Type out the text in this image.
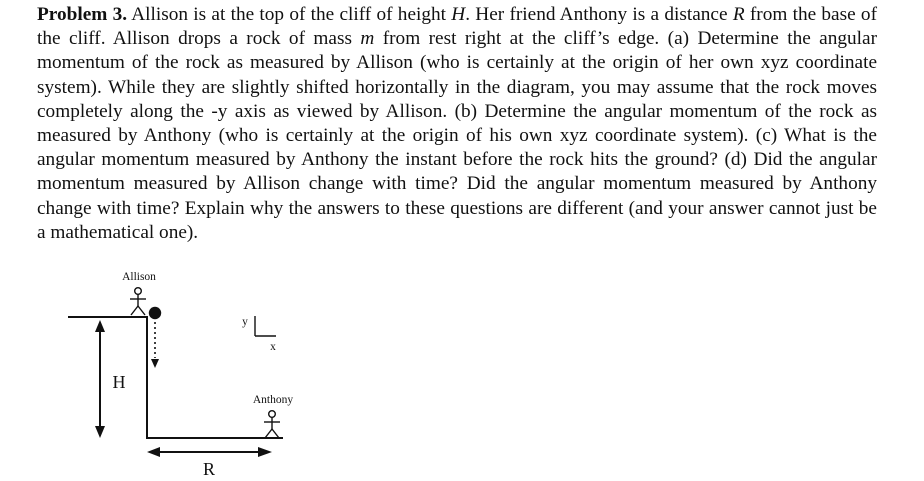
Problem 3. Allison is at the top of the cliff of height H. Her friend Anthony is a distance R from the base of the cliff. Allison drops a rock of mass m from rest right at the cliff’s edge. (a) Determine the angular momentum of the rock as measured by Allison (who is certainly at the origin of her own xyz coordinate system). While they are slightly shifted horizontally in the diagram, you may assume that the rock moves completely along the -y axis as viewed by Allison. (b) Determine the angular momentum of the rock as measured by Anthony (who is certainly at the origin of his own xyz coordinate system). (c) What is the angular momentum measured by Anthony the instant before the rock hits the ground? (d) Did the angular momentum measured by Allison change with time? Did the angular momentum measured by Anthony change with time? Explain why the answers to these questions are different (and your answer cannot just be a mathematical one).
Allison
H
R
y
x
Anthony
